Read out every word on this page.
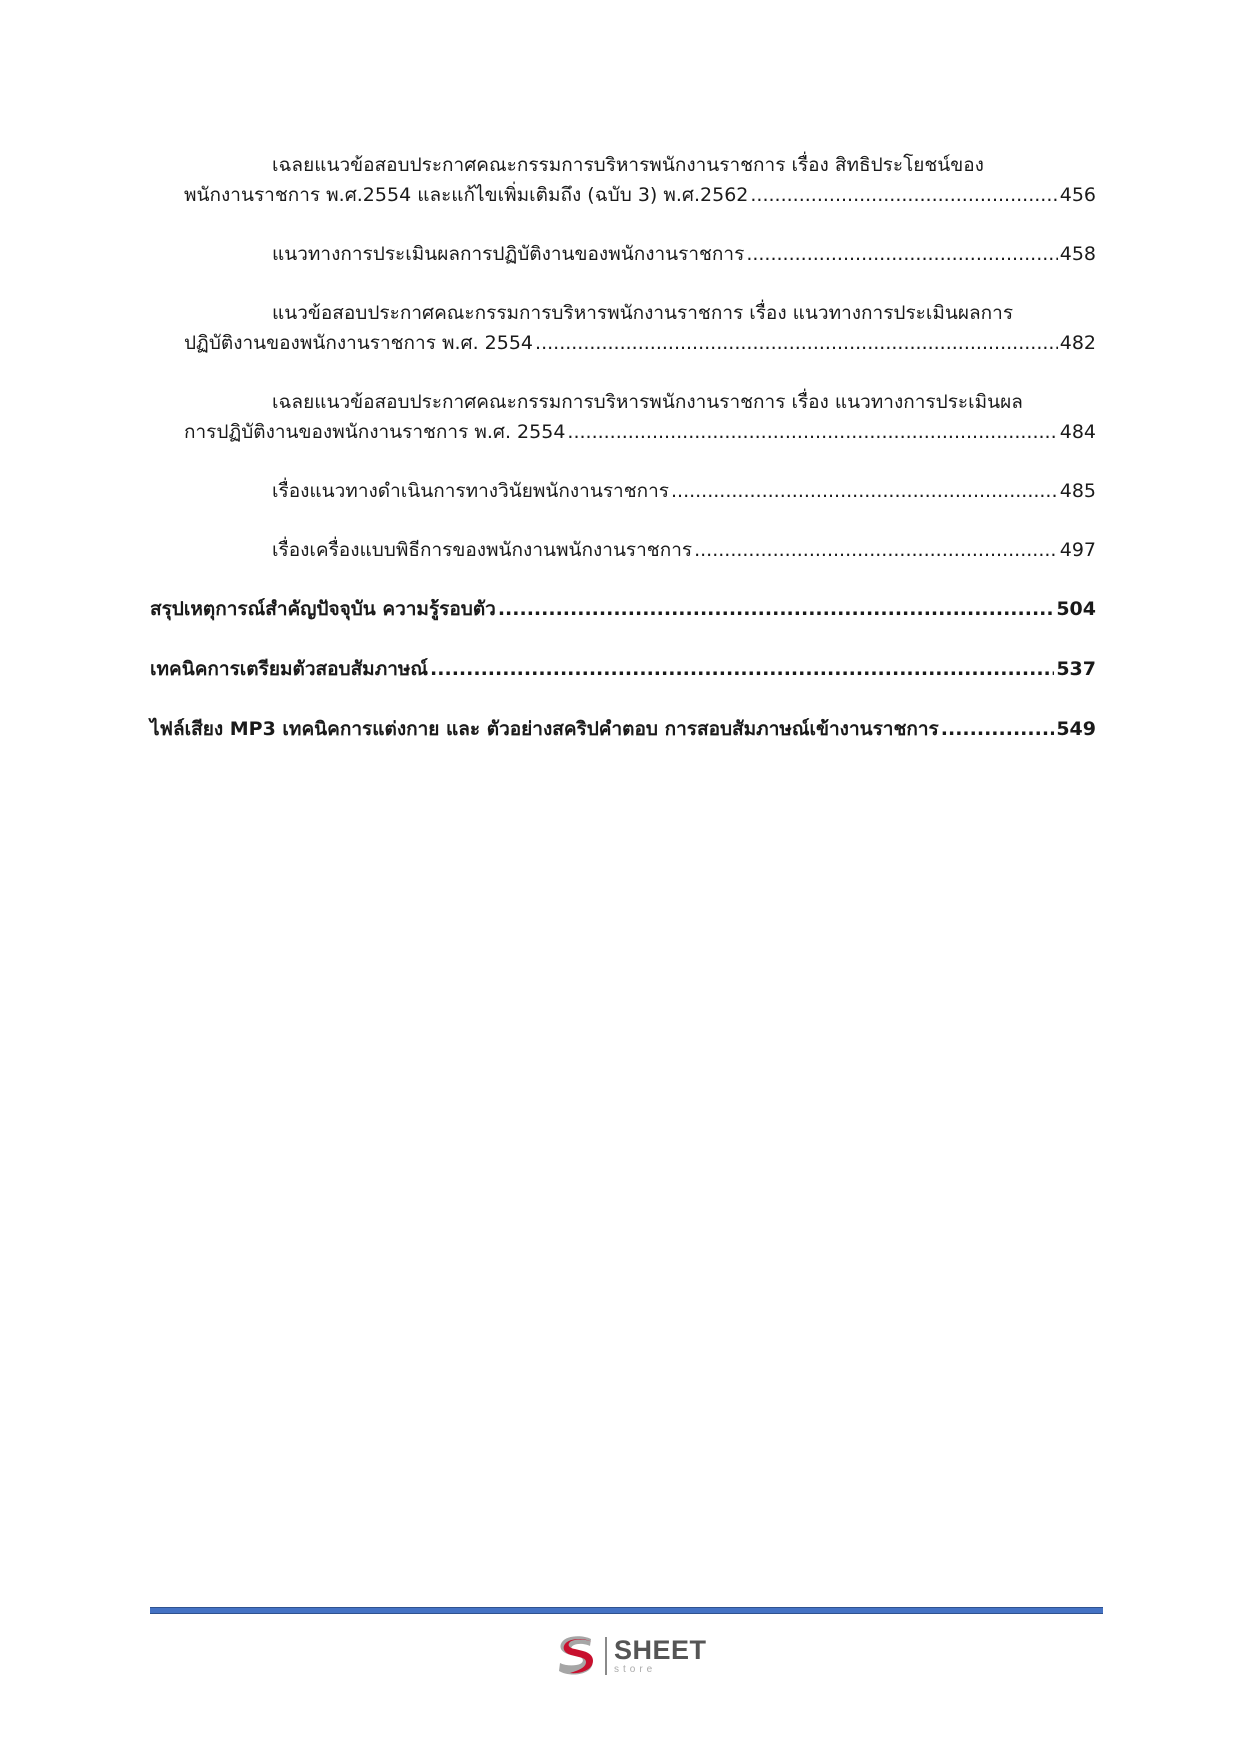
เฉลยแนวข้อสอบประกาศคณะกรรมการบริหารพนักงานราชการ เรื่อง สิทธิประโยชน์ของ
พนักงานราชการ พ.ศ.2554 และแก้ไขเพิ่มเติมถึง (ฉบับ 3) พ.ศ.2562 .....	456
แนวทางการประเมินผลการปฏิบัติงานของพนักงานราชการ .....	458
แนวข้อสอบประกาศคณะกรรมการบริหารพนักงานราชการ เรื่อง แนวทางการประเมินผลการ
ปฏิบัติงานของพนักงานราชการ พ.ศ. 2554 .....	482
เฉลยแนวข้อสอบประกาศคณะกรรมการบริหารพนักงานราชการ เรื่อง แนวทางการประเมินผล
การปฏิบัติงานของพนักงานราชการ พ.ศ. 2554 .....	484
เรื่องแนวทางดำเนินการทางวินัยพนักงานราชการ .....	485
เรื่องเครื่องแบบพิธีการของพนักงานพนักงานราชการ .....	497
สรุปเหตุการณ์สำคัญปัจจุบัน ความรู้รอบตัว .....	504
เทคนิคการเตรียมตัวสอบสัมภาษณ์ .....	537
ไฟล์เสียง MP3 เทคนิคการแต่งกาย และ ตัวอย่างสคริปคำตอบ การสอบสัมภาษณ์เข้างานราชการ .....	549
SHEET
store
